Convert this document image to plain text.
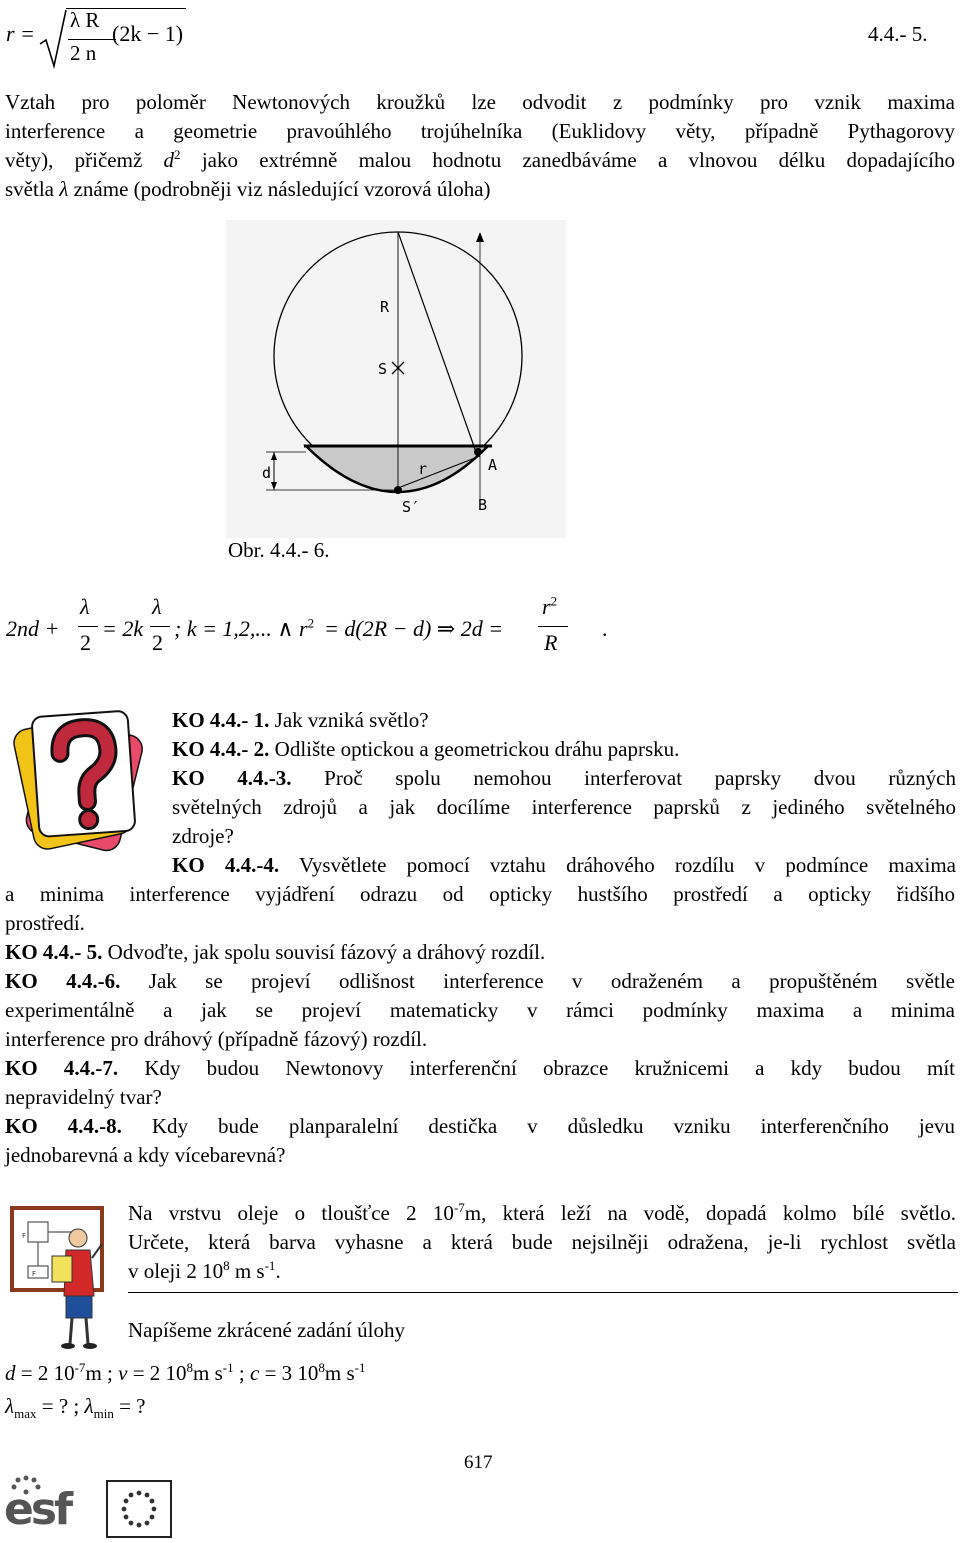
r =
λ R
2 n
(2k − 1)	4.4.- 5.
Vztah pro poloměr Newtonových kroužků lze odvodit z podmínky pro vznik maxima
interference a geometrie pravoúhlého trojúhelníka (Euklidovy věty, případně Pythagorovy
věty), přičemž $d^2$ jako extrémně malou hodnotu zanedbáváme a vlnovou délku dopadajícího
světla λ známe (podrobněji viz následující vzorová úloha)
R
S
d	r	A
B
S′
Obr. 4.4.- 6.
2nd +
λ
2
= 2k
λ
2
; k = 1,2,... ∧ $r^2 = d(2R - d)$ ⇒ 2d =
$r^2$
R
.
KO 4.4.- 1. Jak vzniká světlo?
KO 4.4.- 2. Odlište optickou a geometrickou dráhu paprsku.
KO 4.4.-3. Proč spolu nemohou interferovat paprsky dvou různých
světelných zdrojů a jak docílíme interference paprsků z jediného světelného
zdroje?
KO 4.4.-4. Vysvětlete pomocí vztahu dráhového rozdílu v podmínce maxima
a minima interference vyjádření odrazu od opticky hustšího prostředí a opticky řidšího
prostředí.
KO 4.4.- 5. Odvoďte, jak spolu souvisí fázový a dráhový rozdíl.
KO 4.4.-6. Jak se projeví odlišnost interference v odraženém a propuštěném světle
experimentálně a jak se projeví matematicky v rámci podmínky maxima a minima
interference pro dráhový (případně fázový) rozdíl.
KO 4.4.-7. Kdy budou Newtonovy interferenční obrazce kružnicemi a kdy budou mít
nepravidelný tvar?
KO 4.4.-8. Kdy bude planparalelní destička v důsledku vzniku interferenčního jevu
jednobarevná a kdy vícebarevná?
F
F
Na vrstvu oleje o tloušťce 2 $10^{-7}m$, která leží na vodě, dopadá kolmo bílé světlo.
Určete, která barva vyhasne a která bude nejsilněji odražena, je-li rychlost světla
v oleji 2 $10^8$ m $s^{-1}$.
Napíšeme zkrácené zadání úlohy
d = 2 $10^{-7}m$ ; v = 2 $10^8m$ $s^{-1}$ ; c = 3 $10^8m$ $s^{-1}$
$\lambda_{max}$ = ? ; $\lambda_{min}$ = ?
617
esf
